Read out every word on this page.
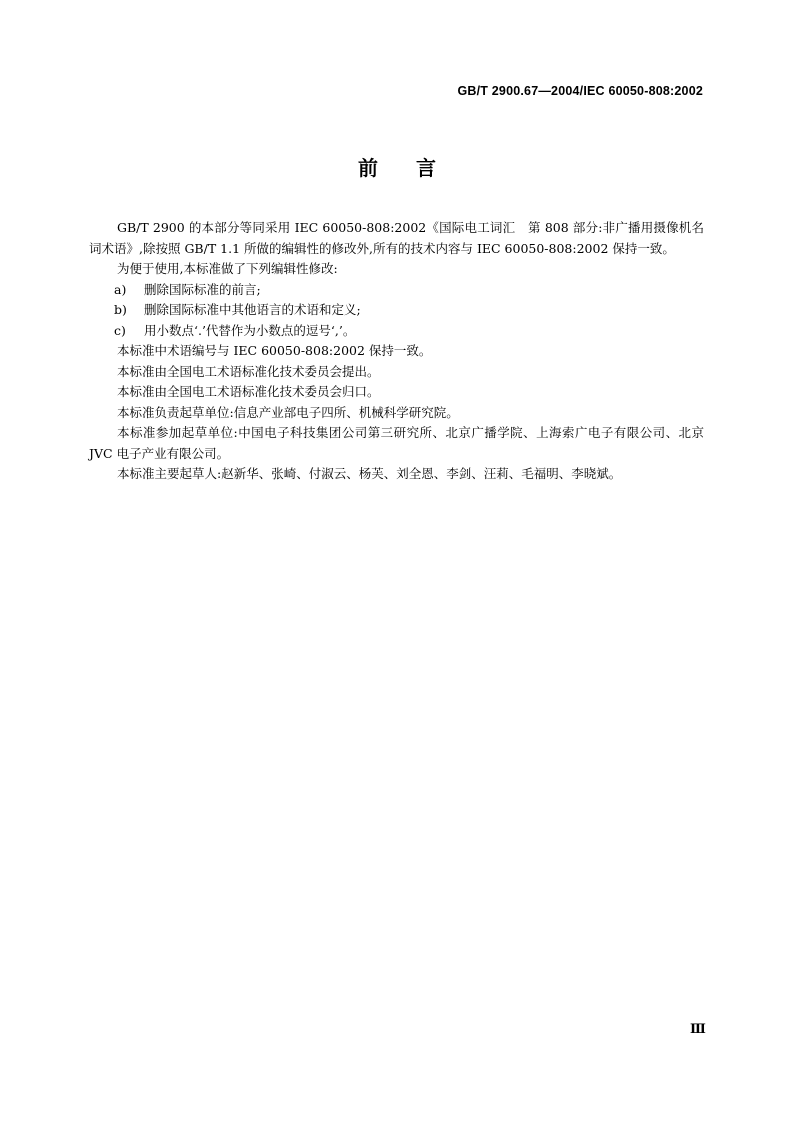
GB/T 2900.67—2004/IEC 60050-808:2002
前言

GB/T 2900 的本部分等同采用 IEC 60050-808:2002《国际电工词汇　第 808 部分:非广播用摄像机名词术语》,除按照 GB/T 1.1 所做的编辑性的修改外,所有的技术内容与 IEC 60050-808:2002 保持一致。

为便于使用,本标准做了下列编辑性修改:

a) 删除国际标准的前言;

b) 删除国际标准中其他语言的术语和定义;

c) 用小数点‘.’代替作为小数点的逗号‘,’。

本标准中术语编号与 IEC 60050-808:2002 保持一致。

本标准由全国电工术语标准化技术委员会提出。

本标准由全国电工术语标准化技术委员会归口。

本标准负责起草单位:信息产业部电子四所、机械科学研究院。

本标准参加起草单位:中国电子科技集团公司第三研究所、北京广播学院、上海索广电子有限公司、北京 JVC 电子产业有限公司。

本标准主要起草人:赵新华、张崎、付淑云、杨芙、刘全恩、李剑、汪莉、毛福明、李晓斌。

Ⅲ
